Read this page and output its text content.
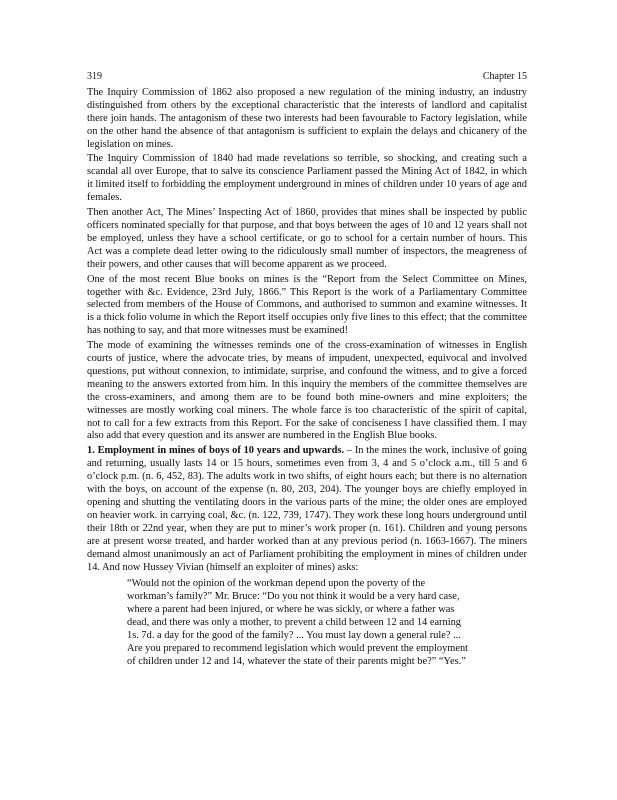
319	Chapter 15

The Inquiry Commission of 1862 also proposed a new regulation of the mining industry, an industry distinguished from others by the exceptional characteristic that the interests of landlord and capitalist there join hands. The antagonism of these two interests had been favourable to Factory legislation, while on the other hand the absence of that antagonism is sufficient to explain the delays and chicanery of the legislation on mines.

The Inquiry Commission of 1840 had made revelations so terrible, so shocking, and creating such a scandal all over Europe, that to salve its conscience Parliament passed the Mining Act of 1842, in which it limited itself to forbidding the employment underground in mines of children under 10 years of age and females.

Then another Act, The Mines’ Inspecting Act of 1860, provides that mines shall be inspected by public officers nominated specially for that purpose, and that boys between the ages of 10 and 12 years shall not be employed, unless they have a school certificate, or go to school for a certain number of hours. This Act was a complete dead letter owing to the ridiculously small number of inspectors, the meagreness of their powers, and other causes that will become apparent as we proceed.

One of the most recent Blue books on mines is the “Report from the Select Committee on Mines, together with &c. Evidence, 23rd July, 1866.” This Report is the work of a Parliamentary Committee selected from members of the House of Commons, and authorised to summon and examine witnesses. It is a thick folio volume in which the Report itself occupies only five lines to this effect; that the committee has nothing to say, and that more witnesses must be examined!

The mode of examining the witnesses reminds one of the cross-examination of witnesses in English courts of justice, where the advocate tries, by means of impudent, unexpected, equivocal and involved questions, put without connexion, to intimidate, surprise, and confound the witness, and to give a forced meaning to the answers extorted from him. In this inquiry the members of the committee themselves are the cross-examiners, and among them are to be found both mine-owners and mine exploiters; the witnesses are mostly working coal miners. The whole farce is too characteristic of the spirit of capital, not to call for a few extracts from this Report. For the sake of conciseness I have classified them. I may also add that every question and its answer are numbered in the English Blue books.

1. Employment in mines of boys of 10 years and upwards. – In the mines the work, inclusive of going and returning, usually lasts 14 or 15 hours, sometimes even from 3, 4 and 5 o’clock a.m., till 5 and 6 o’clock p.m. (n. 6, 452, 83). The adults work in two shifts, of eight hours each; but there is no alternation with the boys, on account of the expense (n. 80, 203, 204). The younger boys are chiefly employed in opening and shutting the ventilating doors in the various parts of the mine; the older ones are employed on heavier work. in carrying coal, &c. (n. 122, 739, 1747). They work these long hours underground until their 18th or 22nd year, when they are put to miner’s work proper (n. 161). Children and young persons are at present worse treated, and harder worked than at any previous period (n. 1663-1667). The miners demand almost unanimously an act of Parliament prohibiting the employment in mines of children under 14. And now Hussey Vivian (himself an exploiter of mines) asks:

“Would not the opinion of the workman depend upon the poverty of the
workman’s family?” Mr. Bruce: “Do you not think it would be a very hard case,
where a parent had been injured, or where he was sickly, or where a father was
dead, and there was only a mother, to prevent a child between 12 and 14 earning
1s. 7d. a day for the good of the family? ... You must lay down a general rule? ...
Are you prepared to recommend legislation which would prevent the employment
of children under 12 and 14, whatever the state of their parents might be?” “Yes.”
